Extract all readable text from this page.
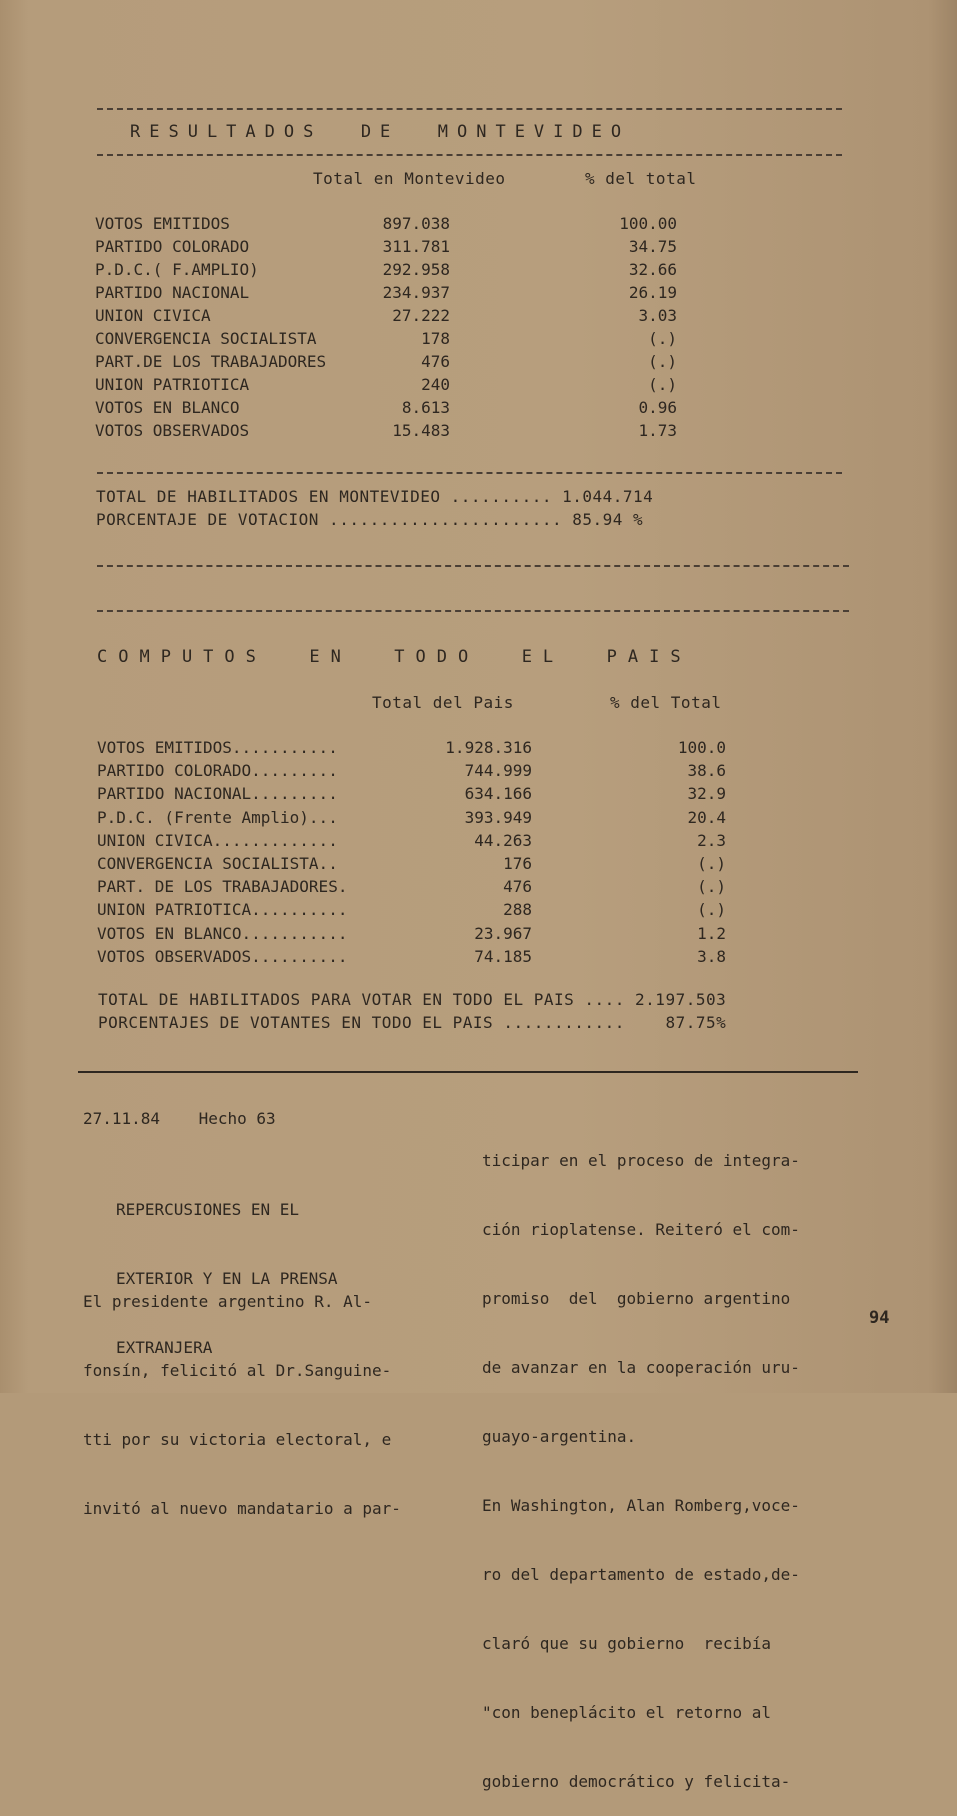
RESULTADOS  DE  MONTEVIDEO
Total en Montevideo	% del total
VOTOS EMITIDOS	897.038	100.00
PARTIDO COLORADO	311.781	34.75
P.D.C.( F.AMPLIO)	292.958	32.66
PARTIDO NACIONAL	234.937	26.19
UNION CIVICA	27.222	3.03
CONVERGENCIA SOCIALISTA	178	(.)
PART.DE LOS TRABAJADORES	476	(.)
UNION PATRIOTICA	240	(.)
VOTOS EN BLANCO	8.613	0.96
VOTOS OBSERVADOS	15.483	1.73
TOTAL DE HABILITADOS EN MONTEVIDEO .......... 1.044.714
PORCENTAJE DE VOTACION ....................... 85.94 %
COMPUTOS  EN  TODO  EL  PAIS
Total del Pais	% del Total
VOTOS EMITIDOS...........	1.928.316	100.0
PARTIDO COLORADO.........	744.999	38.6
PARTIDO NACIONAL.........	634.166	32.9
P.D.C. (Frente Amplio)...	393.949	20.4
UNION CIVICA.............	44.263	2.3
CONVERGENCIA SOCIALISTA..	176	(.)
PART. DE LOS TRABAJADORES.	476	(.)
UNION PATRIOTICA..........	288	(.)
VOTOS EN BLANCO...........	23.967	1.2
VOTOS OBSERVADOS..........	74.185	3.8
TOTAL DE HABILITADOS PARA VOTAR EN TODO EL PAIS .... 2.197.503
PORCENTAJES DE VOTANTES EN TODO EL PAIS ............    87.75%
27.11.84    Hecho 63

REPERCUSIONES EN EL

EXTERIOR Y EN LA PRENSA

EXTRANJERA

El presidente argentino R. Al-

fonsín, felicitó al Dr.Sanguine-

tti por su victoria electoral, e

invitó al nuevo mandatario a par-

ticipar en el proceso de integra-

ción rioplatense. Reiteró el com-

promiso  del  gobierno argentino

de avanzar en la cooperación uru-

guayo-argentina.

En Washington, Alan Romberg,voce-

ro del departamento de estado,de-

claró que su gobierno  recibía

"con beneplácito el retorno al

gobierno democrático y felicita-

94
